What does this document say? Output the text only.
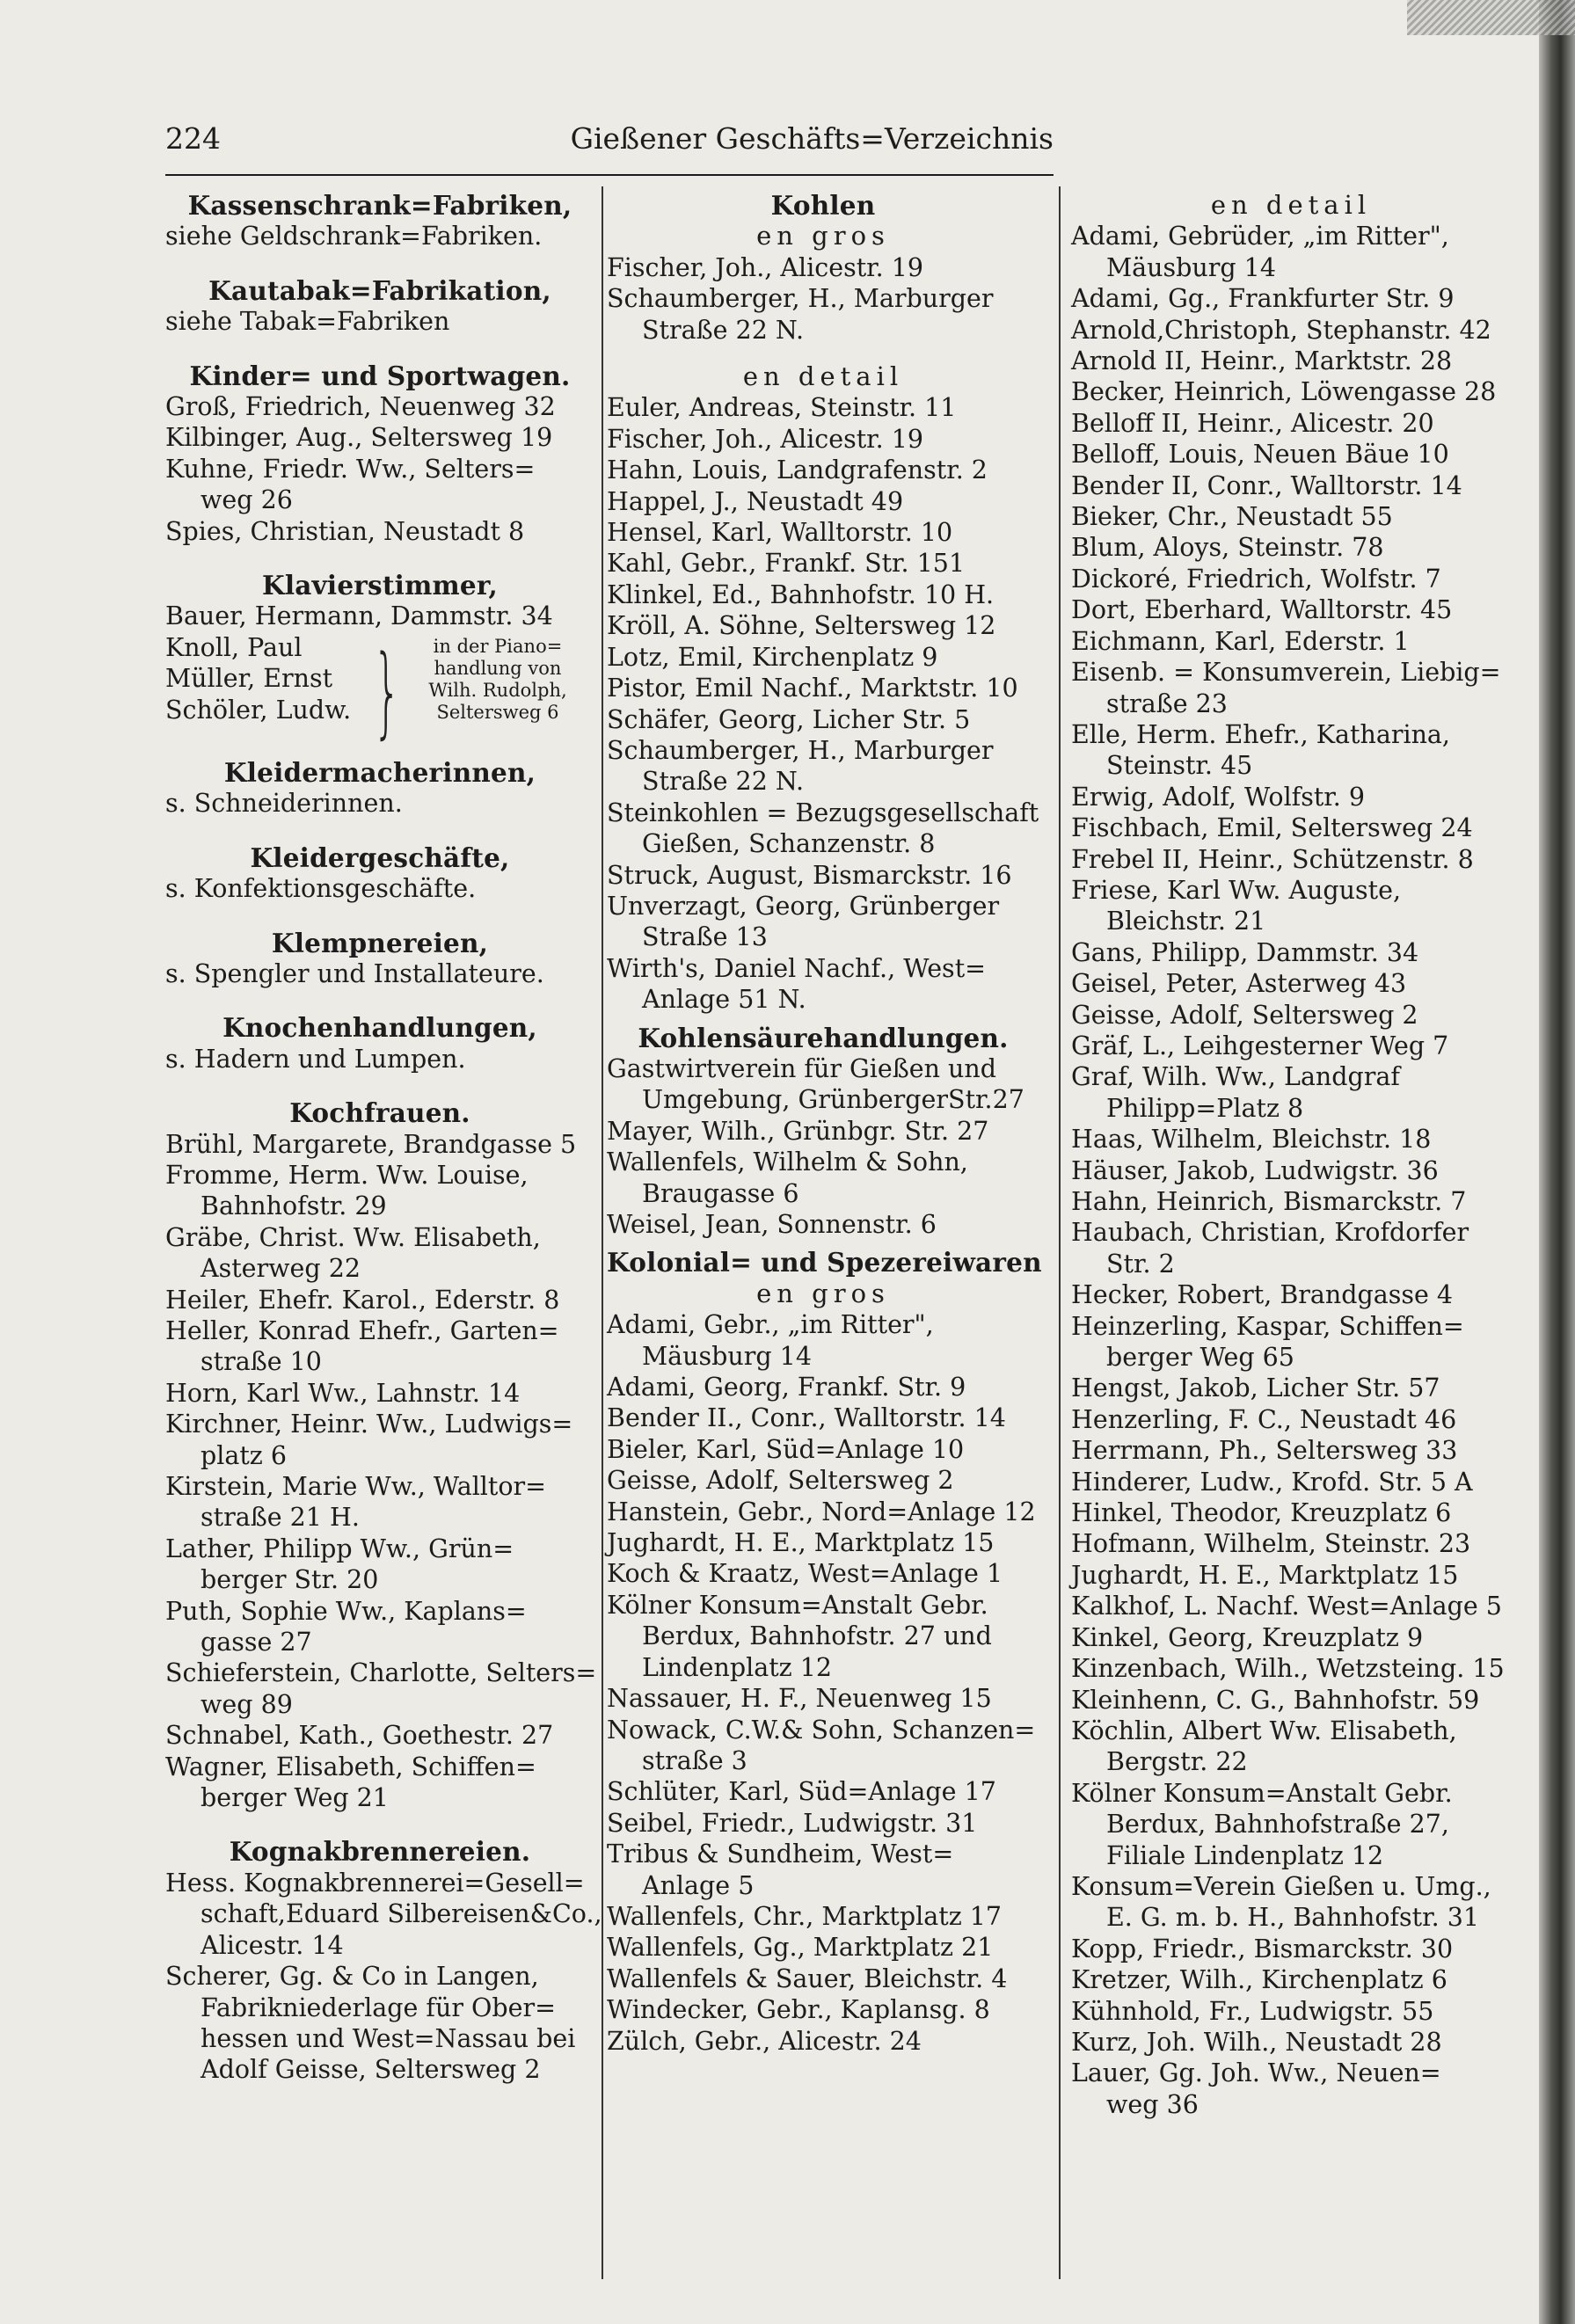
224	Gießener Geschäfts=Verzeichnis
Kassenschrank=Fabriken,
siehe Geldschrank=Fabriken.
Kautabak=Fabrikation,
siehe Tabak=Fabriken
Kinder= und Sportwagen.
Groß, Friedrich, Neuenweg 32
Kilbinger, Aug., Seltersweg 19
Kuhne, Friedr. Ww., Selters=
weg 26
Spies, Christian, Neustadt 8
Klavierstimmer,
Bauer, Hermann, Dammstr. 34
Knoll, Paul
Müller, Ernst
Schöler, Ludw. }	in der Piano=
handlung von
Wilh. Rudolph,
Seltersweg 6
Kleidermacherinnen,
s. Schneiderinnen.
Kleidergeschäfte,
s. Konfektionsgeschäfte.
Klempnereien,
s. Spengler und Installateure.
Knochenhandlungen,
s. Hadern und Lumpen.
Kochfrauen.
Brühl, Margarete, Brandgasse 5
Fromme, Herm. Ww. Louise,
Bahnhofstr. 29
Gräbe, Christ. Ww. Elisabeth,
Asterweg 22
Heiler, Ehefr. Karol., Ederstr. 8
Heller, Konrad Ehefr., Garten=
straße 10
Horn, Karl Ww., Lahnstr. 14
Kirchner, Heinr. Ww., Ludwigs=
platz 6
Kirstein, Marie Ww., Walltor=
straße 21 H.
Lather, Philipp Ww., Grün=
berger Str. 20
Puth, Sophie Ww., Kaplans=
gasse 27
Schieferstein, Charlotte, Selters=
weg 89
Schnabel, Kath., Goethestr. 27
Wagner, Elisabeth, Schiffen=
berger Weg 21
Kognakbrennereien.
Hess. Kognakbrennerei=Gesell=
schaft,Eduard Silbereisen&Co.,
Alicestr. 14
Scherer, Gg. & Co in Langen,
Fabrikniederlage für Ober=
hessen und West=Nassau bei
Adolf Geisse, Seltersweg 2
Kohlen
en gros
Fischer, Joh., Alicestr. 19
Schaumberger, H., Marburger
Straße 22 N.
en detail
Euler, Andreas, Steinstr. 11
Fischer, Joh., Alicestr. 19
Hahn, Louis, Landgrafenstr. 2
Happel, J., Neustadt 49
Hensel, Karl, Walltorstr. 10
Kahl, Gebr., Frankf. Str. 151
Klinkel, Ed., Bahnhofstr. 10 H.
Kröll, A. Söhne, Seltersweg 12
Lotz, Emil, Kirchenplatz 9
Pistor, Emil Nachf., Marktstr. 10
Schäfer, Georg, Licher Str. 5
Schaumberger, H., Marburger
Straße 22 N.
Steinkohlen = Bezugsgesellschaft
Gießen, Schanzenstr. 8
Struck, August, Bismarckstr. 16
Unverzagt, Georg, Grünberger
Straße 13
Wirth's, Daniel Nachf., West=
Anlage 51 N.
Kohlensäurehandlungen.
Gastwirtverein für Gießen und
Umgebung, GrünbergerStr.27
Mayer, Wilh., Grünbgr. Str. 27
Wallenfels, Wilhelm & Sohn,
Braugasse 6
Weisel, Jean, Sonnenstr. 6
Kolonial= und Spezereiwaren
en gros
Adami, Gebr., „im Ritter",
Mäusburg 14
Adami, Georg, Frankf. Str. 9
Bender II., Conr., Walltorstr. 14
Bieler, Karl, Süd=Anlage 10
Geisse, Adolf, Seltersweg 2
Hanstein, Gebr., Nord=Anlage 12
Jughardt, H. E., Marktplatz 15
Koch & Kraatz, West=Anlage 1
Kölner Konsum=Anstalt Gebr.
Berdux, Bahnhofstr. 27 und
Lindenplatz 12
Nassauer, H. F., Neuenweg 15
Nowack, C.W.& Sohn, Schanzen=
straße 3
Schlüter, Karl, Süd=Anlage 17
Seibel, Friedr., Ludwigstr. 31
Tribus & Sundheim, West=
Anlage 5
Wallenfels, Chr., Marktplatz 17
Wallenfels, Gg., Marktplatz 21
Wallenfels & Sauer, Bleichstr. 4
Windecker, Gebr., Kaplansg. 8
Zülch, Gebr., Alicestr. 24
en detail
Adami, Gebrüder, „im Ritter",
Mäusburg 14
Adami, Gg., Frankfurter Str. 9
Arnold,Christoph, Stephanstr. 42
Arnold II, Heinr., Marktstr. 28
Becker, Heinrich, Löwengasse 28
Belloff II, Heinr., Alicestr. 20
Belloff, Louis, Neuen Bäue 10
Bender II, Conr., Walltorstr. 14
Bieker, Chr., Neustadt 55
Blum, Aloys, Steinstr. 78
Dickoré, Friedrich, Wolfstr. 7
Dort, Eberhard, Walltorstr. 45
Eichmann, Karl, Ederstr. 1
Eisenb. = Konsumverein, Liebig=
straße 23
Elle, Herm. Ehefr., Katharina,
Steinstr. 45
Erwig, Adolf, Wolfstr. 9
Fischbach, Emil, Seltersweg 24
Frebel II, Heinr., Schützenstr. 8
Friese, Karl Ww. Auguste,
Bleichstr. 21
Gans, Philipp, Dammstr. 34
Geisel, Peter, Asterweg 43
Geisse, Adolf, Seltersweg 2
Gräf, L., Leihgesterner Weg 7
Graf, Wilh. Ww., Landgraf
Philipp=Platz 8
Haas, Wilhelm, Bleichstr. 18
Häuser, Jakob, Ludwigstr. 36
Hahn, Heinrich, Bismarckstr. 7
Haubach, Christian, Krofdorfer
Str. 2
Hecker, Robert, Brandgasse 4
Heinzerling, Kaspar, Schiffen=
berger Weg 65
Hengst, Jakob, Licher Str. 57
Henzerling, F. C., Neustadt 46
Herrmann, Ph., Seltersweg 33
Hinderer, Ludw., Krofd. Str. 5 A
Hinkel, Theodor, Kreuzplatz 6
Hofmann, Wilhelm, Steinstr. 23
Jughardt, H. E., Marktplatz 15
Kalkhof, L. Nachf. West=Anlage 5
Kinkel, Georg, Kreuzplatz 9
Kinzenbach, Wilh., Wetzsteing. 15
Kleinhenn, C. G., Bahnhofstr. 59
Köchlin, Albert Ww. Elisabeth,
Bergstr. 22
Kölner Konsum=Anstalt Gebr.
Berdux, Bahnhofstraße 27,
Filiale Lindenplatz 12
Konsum=Verein Gießen u. Umg.,
E. G. m. b. H., Bahnhofstr. 31
Kopp, Friedr., Bismarckstr. 30
Kretzer, Wilh., Kirchenplatz 6
Kühnhold, Fr., Ludwigstr. 55
Kurz, Joh. Wilh., Neustadt 28
Lauer, Gg. Joh. Ww., Neuen=
weg 36
